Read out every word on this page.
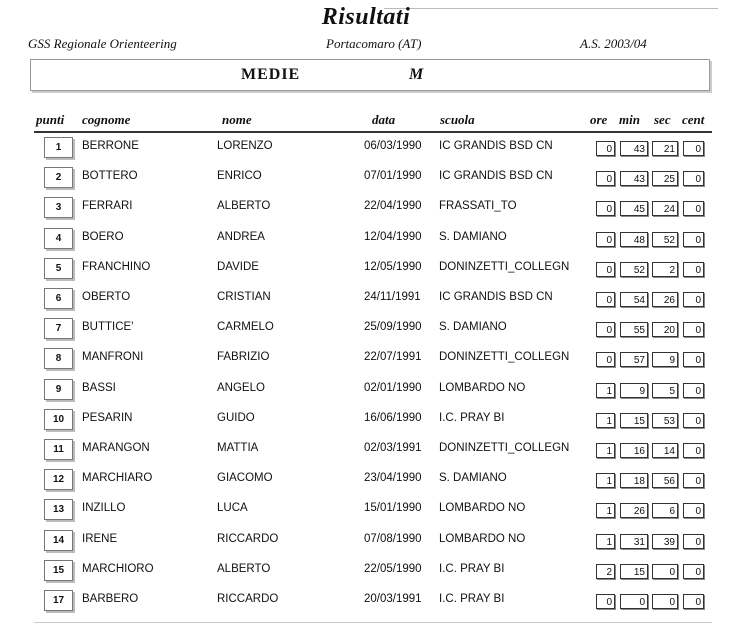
Risultati
GSS Regionale Orienteering	Portacomaro (AT)	A.S. 2003/04
MEDIE	M
punti cognome	nome	data	scuola	ore min sec cent
1	BERRONE	LORENZO	06/03/1990 IC GRANDIS BSD CN	0	43	21	0
2	BOTTERO	ENRICO	07/01/1990 IC GRANDIS BSD CN	0	43	25	0
3	FERRARI	ALBERTO	22/04/1990 FRASSATI_TO	0	45	24	0
4	BOERO	ANDREA	12/04/1990 S. DAMIANO	0	48	52	0
5	FRANCHINO	DAVIDE	12/05/1990 DONINZETTI_COLLEGN	0	52	2	0
6	OBERTO	CRISTIAN	24/11/1991 IC GRANDIS BSD CN	0	54	26	0
7	BUTTICE'	CARMELO	25/09/1990 S. DAMIANO	0	55	20	0
8	MANFRONI	FABRIZIO	22/07/1991 DONINZETTI_COLLEGN	0	57	9	0
9	BASSI	ANGELO	02/01/1990 LOMBARDO NO	1	9	5	0
10	PESARIN	GUIDO	16/06/1990 I.C. PRAY BI	1	15	53	0
11	MARANGON	MATTIA	02/03/1991 DONINZETTI_COLLEGN	1	16	14	0
12	MARCHIARO	GIACOMO	23/04/1990 S. DAMIANO	1	18	56	0
13	INZILLO	LUCA	15/01/1990 LOMBARDO NO	1	26	6	0
14	IRENE	RICCARDO	07/08/1990 LOMBARDO NO	1	31	39	0
15	MARCHIORO	ALBERTO	22/05/1990 I.C. PRAY BI	2	15	0	0
17	BARBERO	RICCARDO	20/03/1991 I.C. PRAY BI	0	0	0	0
